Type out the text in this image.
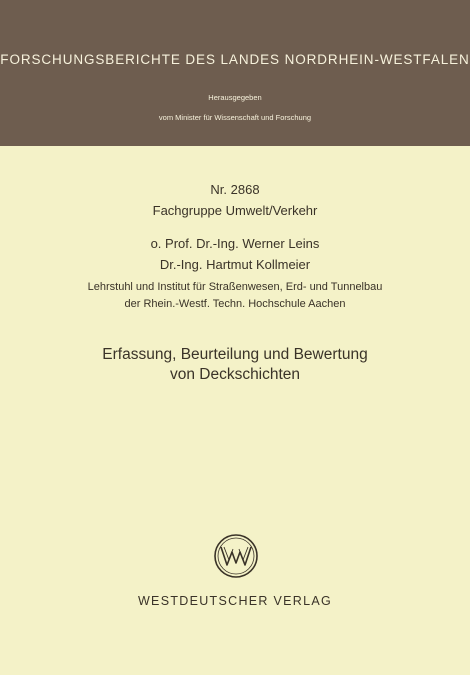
FORSCHUNGSBERICHTE DES LANDES NORDRHEIN-WESTFALEN
Herausgegeben
vom Minister für Wissenschaft und Forschung
Nr. 2868
Fachgruppe Umwelt/Verkehr
o. Prof. Dr.-Ing. Werner Leins
Dr.-Ing. Hartmut Kollmeier
Lehrstuhl und Institut für Straßenwesen, Erd- und Tunnelbau
der Rhein.-Westf. Techn. Hochschule Aachen
Erfassung, Beurteilung und Bewertung
von Deckschichten
WESTDEUTSCHER VERLAG
